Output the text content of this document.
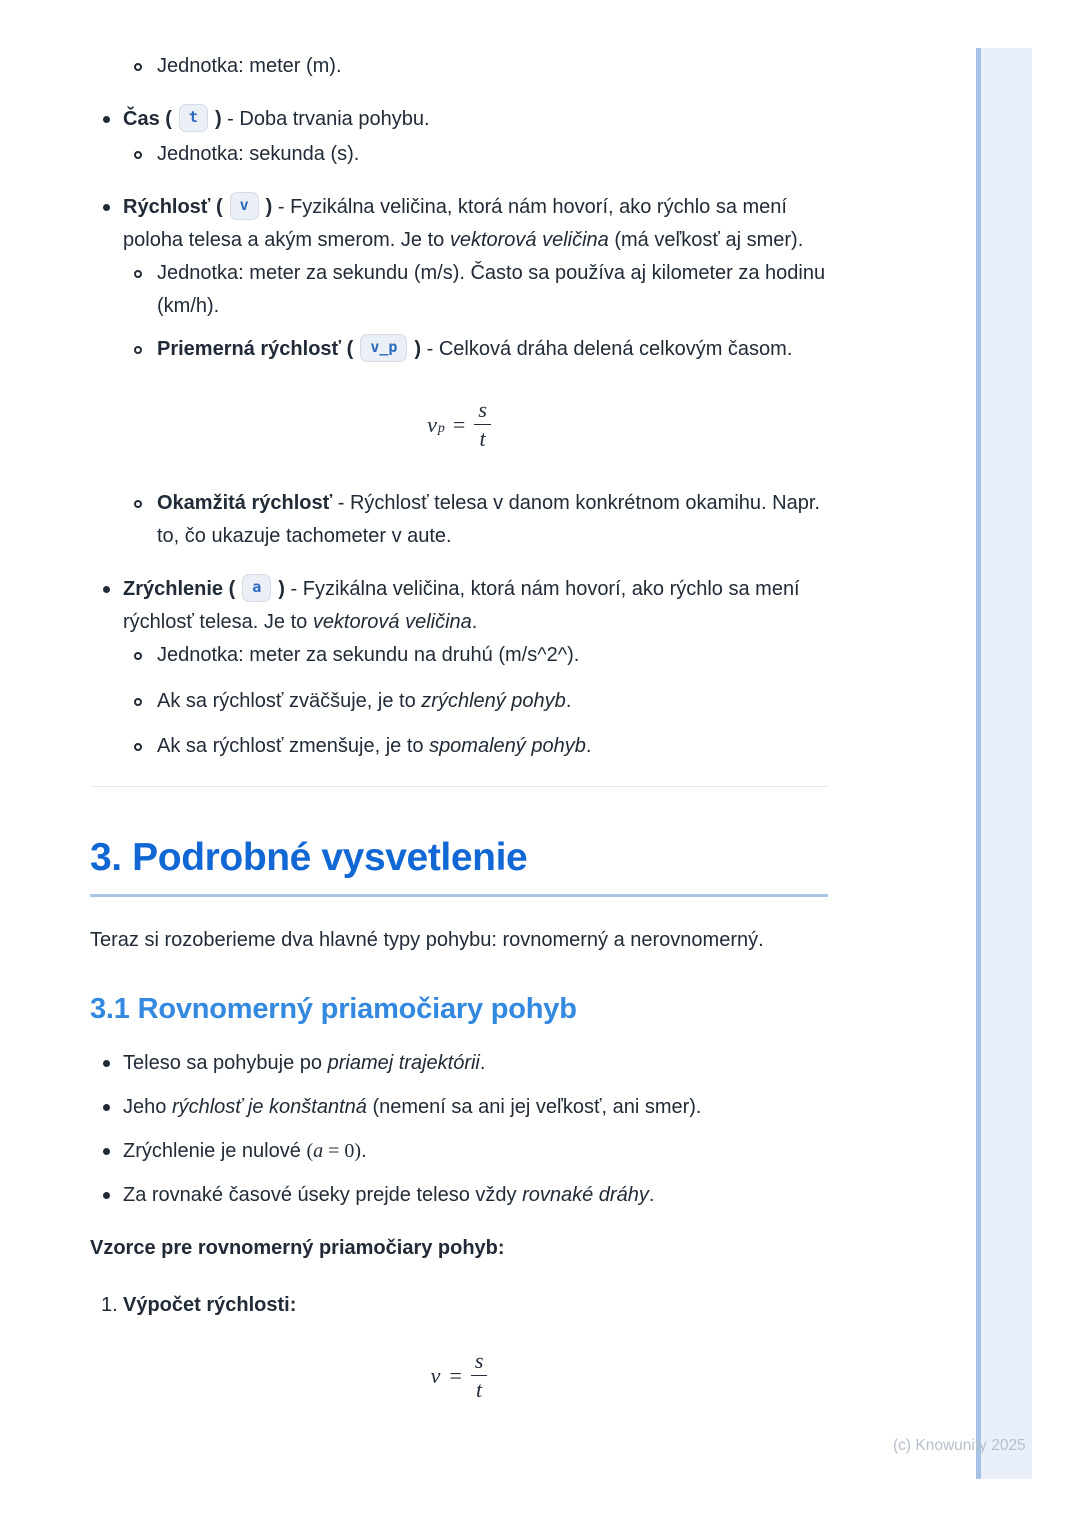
Jednotka: meter (m).
Čas ( t ) - Doba trvania pohybu.
Jednotka: sekunda (s).
Rýchlosť ( v ) - Fyzikálna veličina, ktorá nám hovorí, ako rýchlo sa mení poloha telesa a akým smerom. Je to vektorová veličina (má veľkosť aj smer).
Jednotka: meter za sekundu (m/s). Často sa používa aj kilometer za hodinu (km/h).
Priemerná rýchlosť ( v_p ) - Celková dráha delená celkovým časom.
$v_p = \frac{s}{t}$
Okamžitá rýchlosť - Rýchlosť telesa v danom konkrétnom okamihu. Napr. to, čo ukazuje tachometer v aute.
Zrýchlenie ( a ) - Fyzikálna veličina, ktorá nám hovorí, ako rýchlo sa mení rýchlosť telesa. Je to vektorová veličina.
Jednotka: meter za sekundu na druhú (m/s^2^).
Ak sa rýchlosť zväčšuje, je to zrýchlený pohyb.
Ak sa rýchlosť zmenšuje, je to spomalený pohyb.
3. Podrobné vysvetlenie

Teraz si rozoberieme dva hlavné typy pohybu: rovnomerný a nerovnomerný.

3.1 Rovnomerný priamočiary pohyb
Teleso sa pohybuje po priamej trajektórii.
Jeho rýchlosť je konštantná (nemení sa ani jej veľkosť, ani smer).
Zrýchlenie je nulové (a = 0).
Za rovnaké časové úseky prejde teleso vždy rovnaké dráhy.

Vzorce pre rovnomerný priamočiary pohyb:

1. Výpočet rýchlosti:
$v = \frac{s}{t}$
(c) Knowunity 2025
